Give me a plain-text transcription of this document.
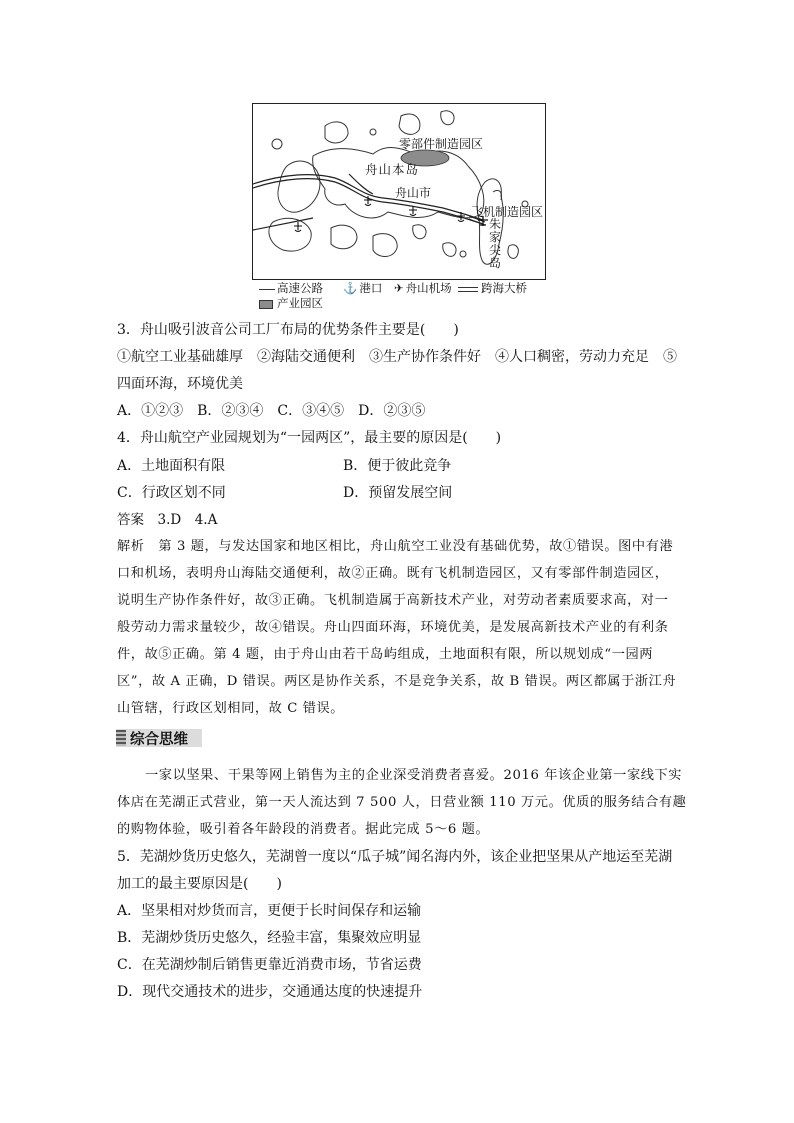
零部件制造园区
舟山本岛
舟山市
飞机制造园区
朱
家
尖
岛
高速公路 ⚓ 港口 ✈ 舟山机场	跨海大桥
产业园区
3．舟山吸引波音公司工厂布局的优势条件主要是(　　)
①航空工业基础雄厚　②海陆交通便利　③生产协作条件好　④人口稠密，劳动力充足　⑤
四面环海，环境优美
A．①②③　B．②③④　C．③④⑤　D．②③⑤
4．舟山航空产业园规划为“一园两区”，最主要的原因是(　　)
A．土地面积有限	B．便于彼此竞争
C．行政区划不同	D．预留发展空间
答案　3.D　4.A
解析　第 3 题，与发达国家和地区相比，舟山航空工业没有基础优势，故①错误。图中有港
口和机场，表明舟山海陆交通便利，故②正确。既有飞机制造园区，又有零部件制造园区，
说明生产协作条件好，故③正确。飞机制造属于高新技术产业，对劳动者素质要求高，对一
般劳动力需求量较少，故④错误。舟山四面环海，环境优美，是发展高新技术产业的有利条
件，故⑤正确。第 4 题，由于舟山由若干岛屿组成，土地面积有限，所以规划成“一园两
区”，故 A 正确，D 错误。两区是协作关系，不是竞争关系，故 B 错误。两区都属于浙江舟
山管辖，行政区划相同，故 C 错误。
综合思维
一家以坚果、干果等网上销售为主的企业深受消费者喜爱。2016 年该企业第一家线下实
体店在芜湖正式营业，第一天人流达到 7 500 人，日营业额 110 万元。优质的服务结合有趣
的购物体验，吸引着各年龄段的消费者。据此完成 5～6 题。
5．芜湖炒货历史悠久，芜湖曾一度以“瓜子城”闻名海内外，该企业把坚果从产地运至芜湖
加工的最主要原因是(　　)
A．坚果相对炒货而言，更便于长时间保存和运输
B．芜湖炒货历史悠久，经验丰富，集聚效应明显
C．在芜湖炒制后销售更靠近消费市场，节省运费
D．现代交通技术的进步，交通通达度的快速提升
